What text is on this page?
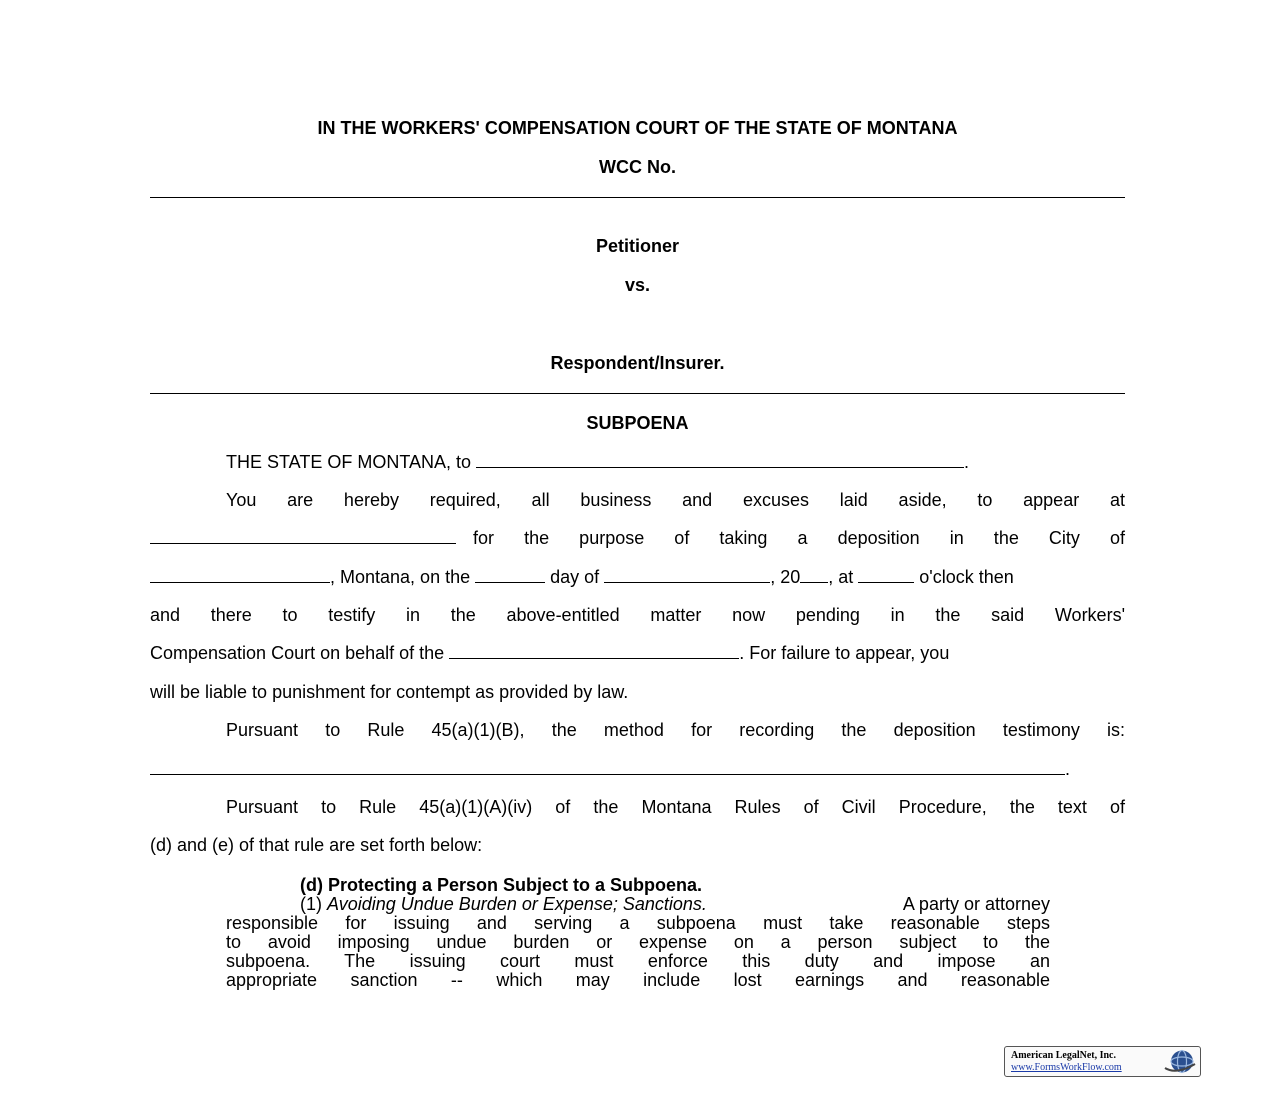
IN THE WORKERS' COMPENSATION COURT OF THE STATE OF MONTANA
WCC No.
Petitioner
vs.
Respondent/Insurer.
SUBPOENA
THE STATE OF MONTANA, to	.
You are hereby required, all business and excuses laid aside, to appear at
for the purpose of taking a deposition in the City of
, Montana, on the	day of	, 20 , at	o'clock then
and there to testify in the above-entitled matter now pending in the said Workers'
Compensation Court on behalf of the	. For failure to appear, you
will be liable to punishment for contempt as provided by law.
Pursuant to Rule 45(a)(1)(B), the method for recording the deposition testimony is:
.
Pursuant to Rule 45(a)(1)(A)(iv) of the Montana Rules of Civil Procedure, the text of
(d) and (e) of that rule are set forth below:
(d) Protecting a Person Subject to a Subpoena.
(1) Avoiding Undue Burden or Expense; Sanctions.	A party or attorney
responsible for issuing and serving a subpoena must take reasonable steps
to avoid imposing undue burden or expense on a person subject to the
subpoena. The issuing court must enforce this duty and impose an
appropriate sanction -- which may include lost earnings and reasonable
American LegalNet, Inc.
www.FormsWorkFlow.com
